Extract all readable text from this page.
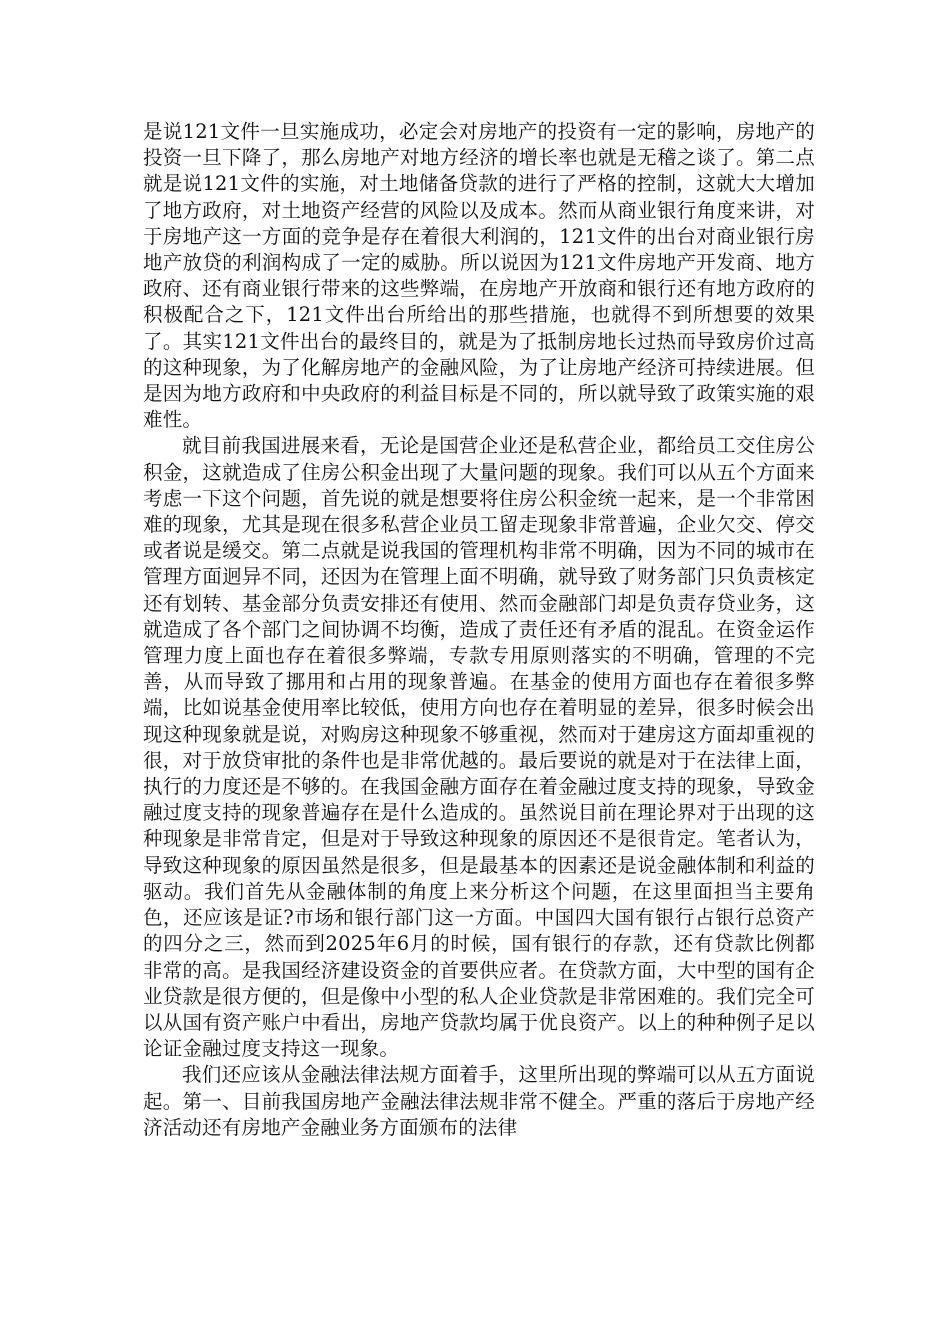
是说121文件一旦实施成功，必定会对房地产的投资有一定的影响，房地产的投资一旦下降了，那么房地产对地方经济的增长率也就是无稽之谈了。第二点就是说121文件的实施，对土地储备贷款的进行了严格的控制，这就大大增加了地方政府，对土地资产经营的风险以及成本。然而从商业银行角度来讲，对于房地产这一方面的竞争是存在着很大利润的，121文件的出台对商业银行房地产放贷的利润构成了一定的威胁。所以说因为121文件房地产开发商、地方政府、还有商业银行带来的这些弊端，在房地产开放商和银行还有地方政府的积极配合之下，121文件出台所给出的那些措施，也就得不到所想要的效果了。其实121文件出台的最终目的，就是为了抵制房地长过热而导致房价过高的这种现象，为了化解房地产的金融风险，为了让房地产经济可持续进展。但是因为地方政府和中央政府的利益目标是不同的，所以就导致了政策实施的艰难性。

就目前我国进展来看，无论是国营企业还是私营企业，都给员工交住房公积金，这就造成了住房公积金出现了大量问题的现象。我们可以从五个方面来考虑一下这个问题，首先说的就是想要将住房公积金统一起来，是一个非常困难的现象，尤其是现在很多私营企业员工留走现象非常普遍，企业欠交、停交或者说是缓交。第二点就是说我国的管理机构非常不明确，因为不同的城市在管理方面迥异不同，还因为在管理上面不明确，就导致了财务部门只负责核定还有划转、基金部分负责安排还有使用、然而金融部门却是负责存贷业务，这就造成了各个部门之间协调不均衡，造成了责任还有矛盾的混乱。在资金运作管理力度上面也存在着很多弊端，专款专用原则落实的不明确，管理的不完善，从而导致了挪用和占用的现象普遍。在基金的使用方面也存在着很多弊端，比如说基金使用率比较低，使用方向也存在着明显的差异，很多时候会出现这种现象就是说，对购房这种现象不够重视，然而对于建房这方面却重视的很，对于放贷审批的条件也是非常优越的。最后要说的就是对于在法律上面，执行的力度还是不够的。在我国金融方面存在着金融过度支持的现象，导致金融过度支持的现象普遍存在是什么造成的。虽然说目前在理论界对于出现的这种现象是非常肯定，但是对于导致这种现象的原因还不是很肯定。笔者认为，导致这种现象的原因虽然是很多，但是最基本的因素还是说金融体制和利益的驱动。我们首先从金融体制的角度上来分析这个问题，在这里面担当主要角色，还应该是证?市场和银行部门这一方面。中国四大国有银行占银行总资产的四分之三，然而到2025年6月的时候，国有银行的存款，还有贷款比例都非常的高。是我国经济建设资金的首要供应者。在贷款方面，大中型的国有企业贷款是很方便的，但是像中小型的私人企业贷款是非常困难的。我们完全可以从国有资产账户中看出，房地产贷款均属于优良资产。以上的种种例子足以论证金融过度支持这一现象。

我们还应该从金融法律法规方面着手，这里所出现的弊端可以从五方面说起。第一、目前我国房地产金融法律法规非常不健全。严重的落后于房地产经济活动还有房地产金融业务方面颁布的法律
